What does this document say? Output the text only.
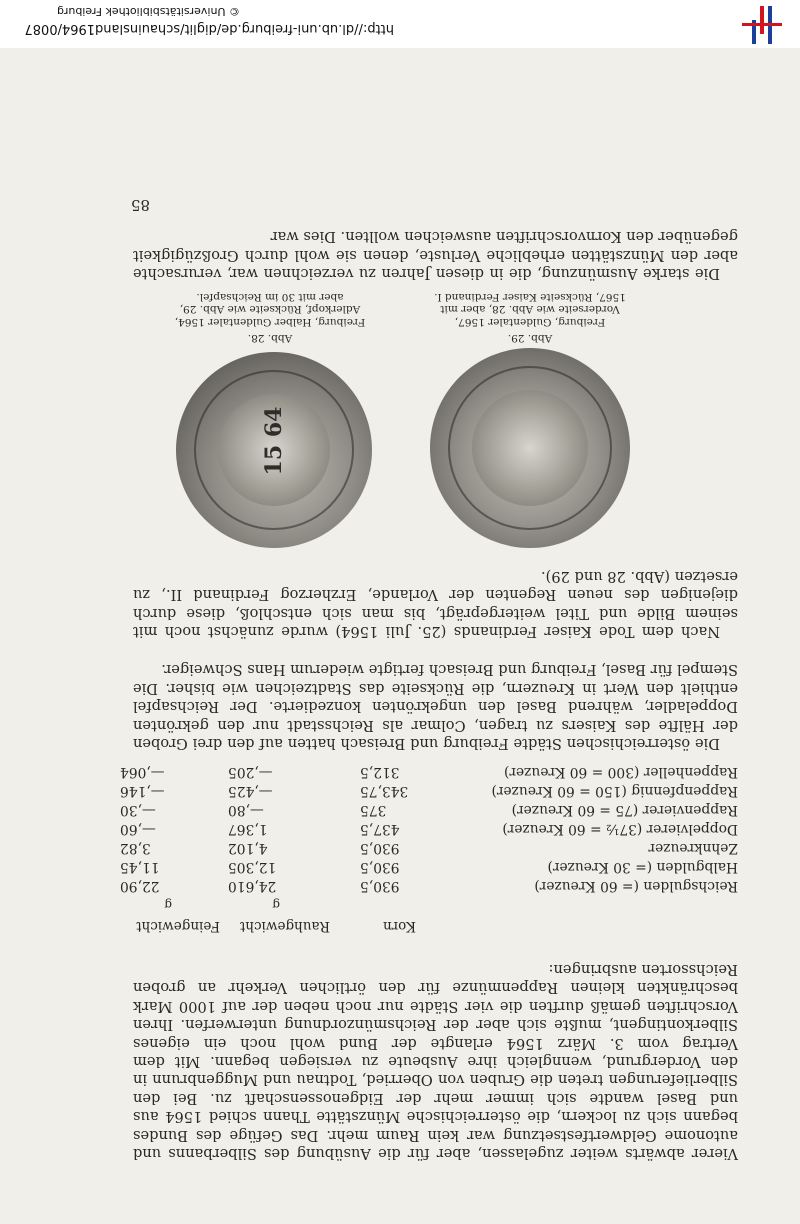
http://dl.ub.uni-freiburg.de/diglit/schauinsland1964/0087
© Universitätsbibliothek Freiburg

Vierer abwärts weiter zugelassen, aber für die Ausübung des Silberbanns und autonome Geldwertfestsetzung war kein Raum mehr. Das Gefüge des Bundes begann sich zu lockern, die österreichische Münzstätte Thann schied 1564 aus und Basel wandte sich immer mehr der Eidgenossenschaft zu. Bei den Silberlieferungen treten die Gruben von Oberried, Todtnau und Muggenbrunn in den Vordergrund, wenngleich ihre Ausbeute zu versiegen begann. Mit dem Vertrag vom 3. März 1564 erlangte der Bund wohl noch ein eigenes Silberkontingent, mußte sich aber der Reichsmünzordnung unterwerfen. Ihren Vorschriften gemäß durften die vier Städte nur noch neben der auf 1000 Mark beschränkten kleinen Rappenmünze für den örtlichen Verkehr an groben Reichssorten ausbringen:

Korn
Rauhgewicht
Feingewicht
g
g
Reichsgulden (= 60 Kreuzer)
930,5
24,610
22,90
Halbgulden (= 30 Kreuzer)
930,5
12,305
11,45
Zehnkreuzer
930,5
4,102
3,82
Doppelvierer (37½ = 60 Kreuzer)
437,5
1,367
—,60
Rappenvierer (75 = 60 Kreuzer)
375
—,80
—,30
Rappenpfennig (150 = 60 Kreuzer)
343,75
—,425
—,146
Rappenheller (300 = 60 Kreuzer)
312,5
—,205
—,064

Die österreichischen Städte Freiburg und Breisach hatten auf den drei Groben der Hälfte des Kaisers zu tragen, Colmar als Reichsstadt nur den gekrönten Doppeladler, während Basel den ungekrönten konzedierte. Der Reichsapfel enthielt den Wert in Kreuzern, die Rückseite das Stadtzeichen wie bisher. Die Stempel für Basel, Freiburg und Breisach fertigte wiederum Hans Schweiger.

Nach dem Tode Kaiser Ferdinands (25. Juli 1564) wurde zunächst noch mit seinem Bilde und Titel weitergeprägt, bis man sich entschloß, diese durch diejenigen des neuen Regenten der Vorlande, Erzherzog Ferdinand II., zu ersetzen (Abb. 28 und 29).

15 64
Abb. 28.
Freiburg, Halber Guldentaler 1564, Adlerkopf, Rückseite wie Abb. 29, aber mit 30 im Reichsapfel.
Abb. 29.
Freiburg, Guldentaler 1567, Vorderseite wie Abb. 28, aber mit 1567, Rückseite Kaiser Ferdinand I.

Die starke Ausmünzung, die in diesen Jahren zu verzeichnen war, verursachte aber den Münzstätten erhebliche Verluste, denen sie wohl durch Großzügigkeit gegenüber den Kornvorschriften ausweichen wollten. Dies war

85
